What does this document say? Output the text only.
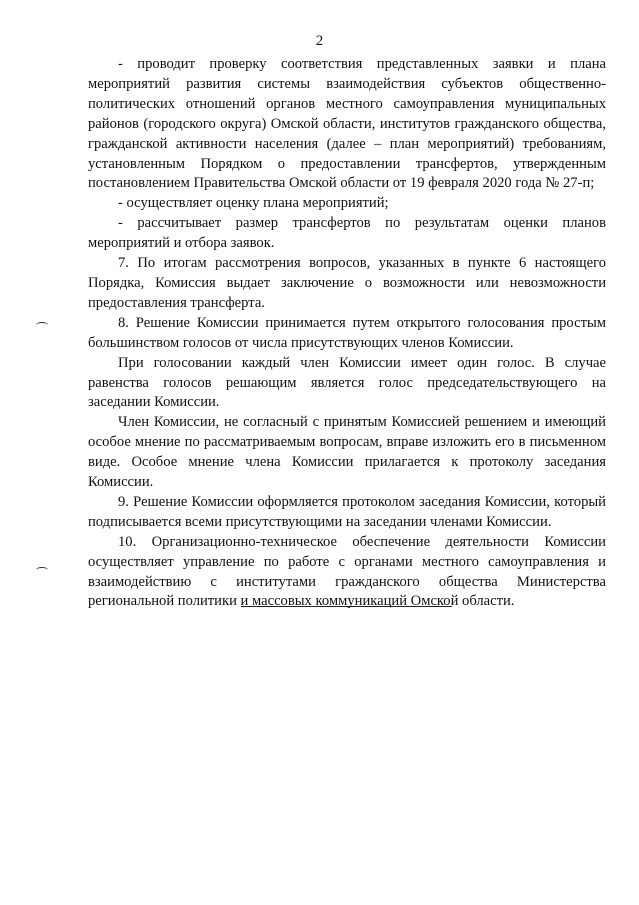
2

- проводит проверку соответствия представленных заявки и плана мероприятий развития системы взаимодействия субъектов общественно-политических отношений органов местного самоуправления муниципальных районов (городского округа) Омской области, институтов гражданского общества, гражданской активности населения (далее – план мероприятий) требованиям, установленным Порядком о предоставлении трансфертов, утвержденным постановлением Правительства Омской области от 19 февраля 2020 года № 27-п;

- осуществляет оценку плана мероприятий;

- рассчитывает размер трансфертов по результатам оценки планов мероприятий и отбора заявок.

7. По итогам рассмотрения вопросов, указанных в пункте 6 настоящего Порядка, Комиссия выдает заключение о возможности или невозможности предоставления трансферта.

8. Решение Комиссии принимается путем открытого голосования простым большинством голосов от числа присутствующих членов Комиссии.

При голосовании каждый член Комиссии имеет один голос. В случае равенства голосов решающим является голос председательствующего на заседании Комиссии.

Член Комиссии, не согласный с принятым Комиссией решением и имеющий особое мнение по рассматриваемым вопросам, вправе изложить его в письменном виде. Особое мнение члена Комиссии прилагается к протоколу заседания Комиссии.

9. Решение Комиссии оформляется протоколом заседания Комиссии, который подписывается всеми присутствующими на заседании членами Комиссии.

10. Организационно-техническое обеспечение деятельности Комиссии осуществляет управление по работе с органами местного самоуправления и взаимодействию с институтами гражданского общества Министерства региональной политики и массовых коммуникаций Омской области.
